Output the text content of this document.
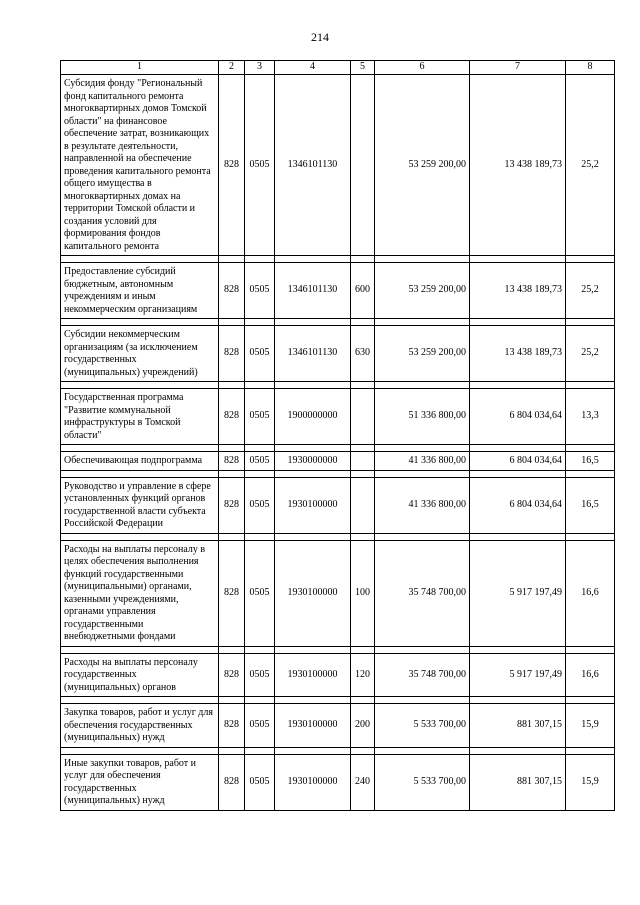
214
1	2	3	4	5	6	7	8
Субсидия фонду "Региональный фонд капитального ремонта многоквартирных домов Томской области" на финансовое обеспечение затрат, возникающих в результате деятельности, направленной на обеспечение проведения капитального ремонта общего имущества в многоквартирных домах на территории Томской области и создания условий для формирования фондов капитального ремонта	828	0505	1346101130		53 259 200,00	13 438 189,73	25,2

Предоставление субсидий бюджетным, автономным учреждениям и иным некоммерческим организациям	828	0505	1346101130	600	53 259 200,00	13 438 189,73	25,2

Субсидии некоммерческим организациям (за исключением государственных (муниципальных) учреждений)	828	0505	1346101130	630	53 259 200,00	13 438 189,73	25,2

Государственная программа "Развитие коммунальной инфраструктуры в Томской области"	828	0505	1900000000		51 336 800,00	6 804 034,64	13,3

Обеспечивающая подпрограмма	828	0505	1930000000		41 336 800,00	6 804 034,64	16,5

Руководство и управление в сфере установленных функций органов государственной власти субъекта Российской Федерации	828	0505	1930100000		41 336 800,00	6 804 034,64	16,5

Расходы на выплаты персоналу в целях обеспечения выполнения функций государственными (муниципальными) органами, казенными учреждениями, органами управления государственными внебюджетными фондами	828	0505	1930100000	100	35 748 700,00	5 917 197,49	16,6

Расходы на выплаты персоналу государственных (муниципальных) органов	828	0505	1930100000	120	35 748 700,00	5 917 197,49	16,6

Закупка товаров, работ и услуг для обеспечения государственных (муниципальных) нужд	828	0505	1930100000	200	5 533 700,00	881 307,15	15,9

Иные закупки товаров, работ и услуг для обеспечения государственных (муниципальных) нужд	828	0505	1930100000	240	5 533 700,00	881 307,15	15,9
